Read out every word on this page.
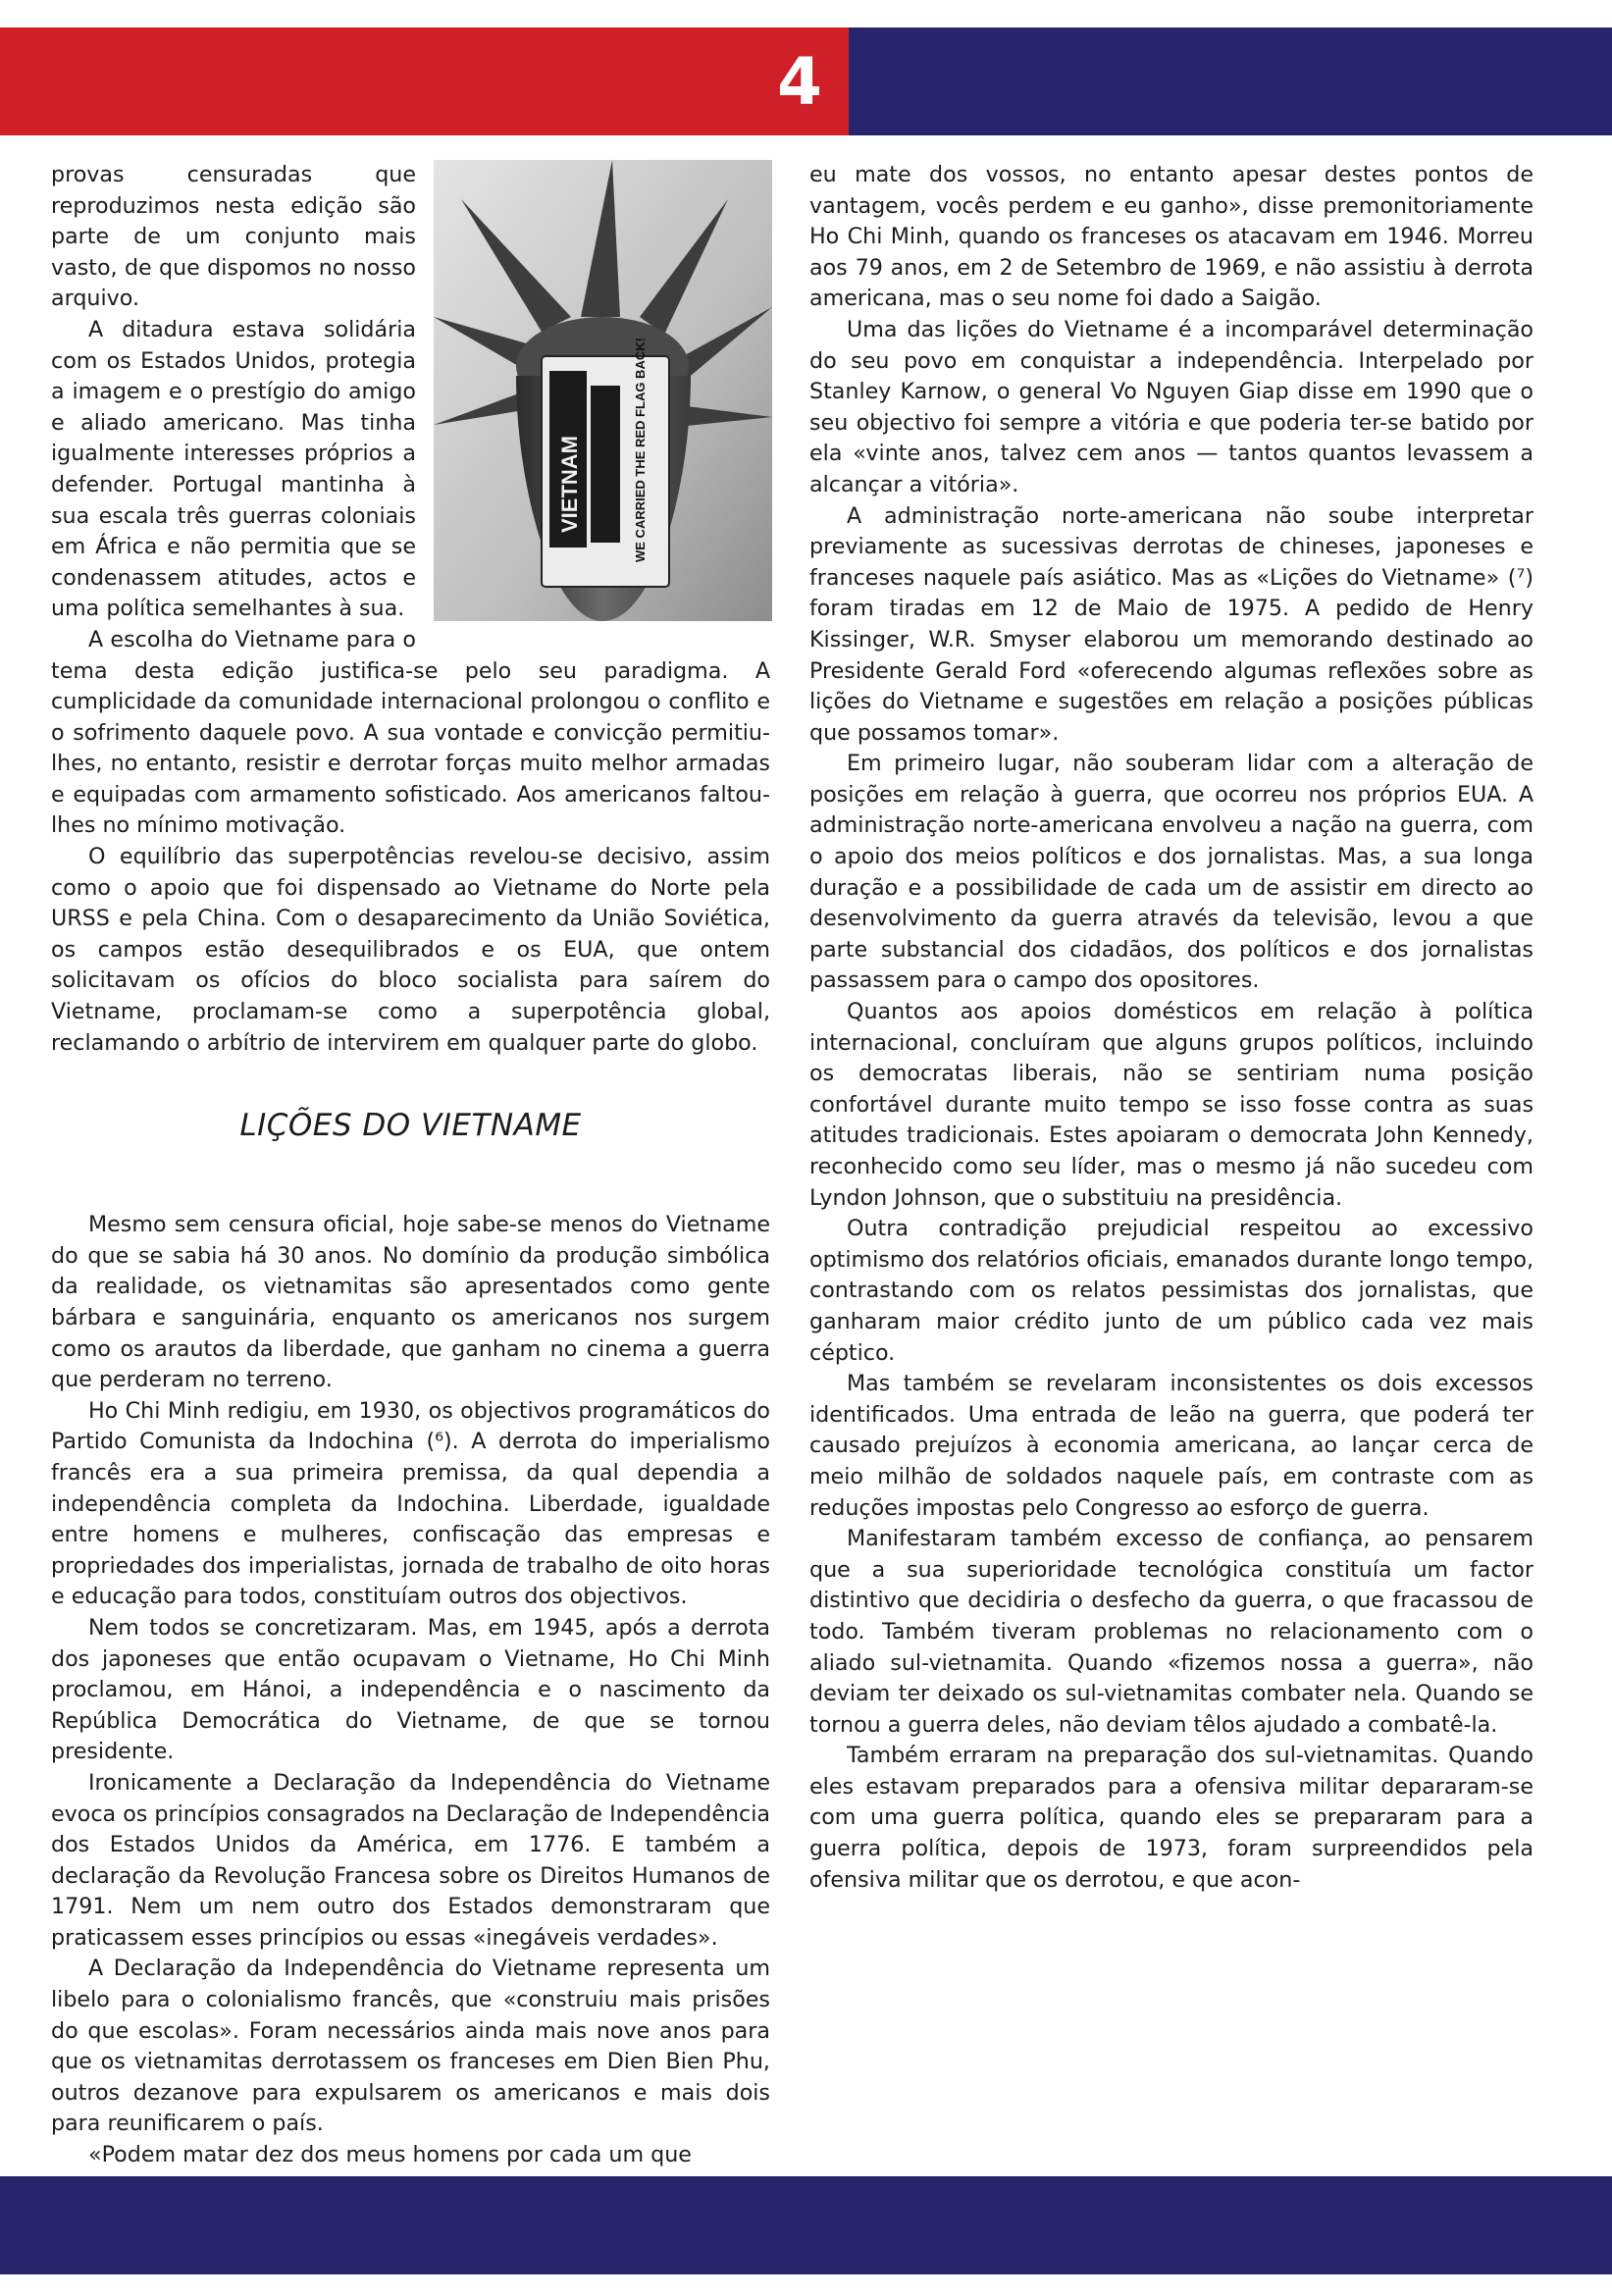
4
WE CARRIED THE RED FLAG BACK!
VIETNAM

provas censuradas que reproduzimos nesta edição são parte de um conjunto mais vasto, de que dispomos no nosso arquivo.

A ditadura estava solidária com os Estados Unidos, protegia a imagem e o prestígio do amigo e aliado americano. Mas tinha igualmente interesses próprios a defender. Portugal mantinha à sua escala três guerras coloniais em África e não permitia que se condenassem atitudes, actos e uma política semelhantes à sua.

A escolha do Vietname para o tema desta edição justifica-se pelo seu paradigma. A cumplicidade da comunidade internacional prolongou o conflito e o sofrimento daquele povo. A sua vontade e convicção permitiu-lhes, no entanto, resistir e derrotar forças muito melhor armadas e equipadas com armamento sofisticado. Aos americanos faltou-lhes no mínimo motivação.

O equilíbrio das superpotências revelou-se decisivo, assim como o apoio que foi dispensado ao Vietname do Norte pela URSS e pela China. Com o desaparecimento da União Soviética, os campos estão desequilibrados e os EUA, que ontem solicitavam os ofícios do bloco socialista para saírem do Vietname, proclamam-se como a superpotência global, reclamando o arbítrio de intervirem em qualquer parte do globo.

LIÇÕES DO VIETNAME

Mesmo sem censura oficial, hoje sabe-se menos do Vietname do que se sabia há 30 anos. No domínio da produção simbólica da realidade, os vietnamitas são apresentados como gente bárbara e sanguinária, enquanto os americanos nos surgem como os arautos da liberdade, que ganham no cinema a guerra que perderam no terreno.

Ho Chi Minh redigiu, em 1930, os objectivos programáticos do Partido Comunista da Indochina (⁶). A derrota do imperialismo francês era a sua primeira premissa, da qual dependia a independência completa da Indochina. Liberdade, igualdade entre homens e mulheres, confiscação das empresas e propriedades dos imperialistas, jornada de trabalho de oito horas e educação para todos, constituíam outros dos objectivos.

Nem todos se concretizaram. Mas, em 1945, após a derrota dos japoneses que então ocupavam o Vietname, Ho Chi Minh proclamou, em Hánoi, a independência e o nascimento da República Democrática do Vietname, de que se tornou presidente.

Ironicamente a Declaração da Independência do Vietname evoca os princípios consagrados na Declaração de Independência dos Estados Unidos da América, em 1776. E também a declaração da Revolução Francesa sobre os Direitos Humanos de 1791. Nem um nem outro dos Estados demonstraram que praticassem esses princípios ou essas «inegáveis verdades».

A Declaração da Independência do Vietname representa um libelo para o colonialismo francês, que «construiu mais prisões do que escolas». Foram necessários ainda mais nove anos para que os vietnamitas derrotassem os franceses em Dien Bien Phu, outros dezanove para expulsarem os americanos e mais dois para reunificarem o país.

«Podem matar dez dos meus homens por cada um que

eu mate dos vossos, no entanto apesar destes pontos de vantagem, vocês perdem e eu ganho», disse premonitoriamente Ho Chi Minh, quando os franceses os atacavam em 1946. Morreu aos 79 anos, em 2 de Setembro de 1969, e não assistiu à derrota americana, mas o seu nome foi dado a Saigão.

Uma das lições do Vietname é a incomparável determinação do seu povo em conquistar a independência. Interpelado por Stanley Karnow, o general Vo Nguyen Giap disse em 1990 que o seu objectivo foi sempre a vitória e que poderia ter-se batido por ela «vinte anos, talvez cem anos — tantos quantos levassem a alcançar a vitória».

A administração norte-americana não soube interpretar previamente as sucessivas derrotas de chineses, japoneses e franceses naquele país asiático. Mas as «Lições do Vietname» (⁷) foram tiradas em 12 de Maio de 1975. A pedido de Henry Kissinger, W.R. Smyser elaborou um memorando destinado ao Presidente Gerald Ford «oferecendo algumas reflexões sobre as lições do Vietname e sugestões em relação a posições públicas que possamos tomar».

Em primeiro lugar, não souberam lidar com a alteração de posições em relação à guerra, que ocorreu nos próprios EUA. A administração norte-americana envolveu a nação na guerra, com o apoio dos meios políticos e dos jornalistas. Mas, a sua longa duração e a possibilidade de cada um de assistir em directo ao desenvolvimento da guerra através da televisão, levou a que parte substancial dos cidadãos, dos políticos e dos jornalistas passassem para o campo dos opositores.

Quantos aos apoios domésticos em relação à política internacional, concluíram que alguns grupos políticos, incluindo os democratas liberais, não se sentiriam numa posição confortável durante muito tempo se isso fosse contra as suas atitudes tradicionais. Estes apoiaram o democrata John Kennedy, reconhecido como seu líder, mas o mesmo já não sucedeu com Lyndon Johnson, que o substituiu na presidência.

Outra contradição prejudicial respeitou ao excessivo optimismo dos relatórios oficiais, emanados durante longo tempo, contrastando com os relatos pessimistas dos jornalistas, que ganharam maior crédito junto de um público cada vez mais céptico.

Mas também se revelaram inconsistentes os dois excessos identificados. Uma entrada de leão na guerra, que poderá ter causado prejuízos à economia americana, ao lançar cerca de meio milhão de soldados naquele país, em contraste com as reduções impostas pelo Congresso ao esforço de guerra.

Manifestaram também excesso de confiança, ao pensarem que a sua superioridade tecnológica constituía um factor distintivo que decidiria o desfecho da guerra, o que fracassou de todo. Também tiveram problemas no relacionamento com o aliado sul-vietnamita. Quando «fizemos nossa a guerra», não deviam ter deixado os sul-vietnamitas combater nela. Quando se tornou a guerra deles, não deviam têlos ajudado a combatê-la.

Também erraram na preparação dos sul-vietnamitas. Quando eles estavam preparados para a ofensiva militar depararam-se com uma guerra política, quando eles se prepararam para a guerra política, depois de 1973, foram surpreendidos pela ofensiva militar que os derrotou, e que acon-
